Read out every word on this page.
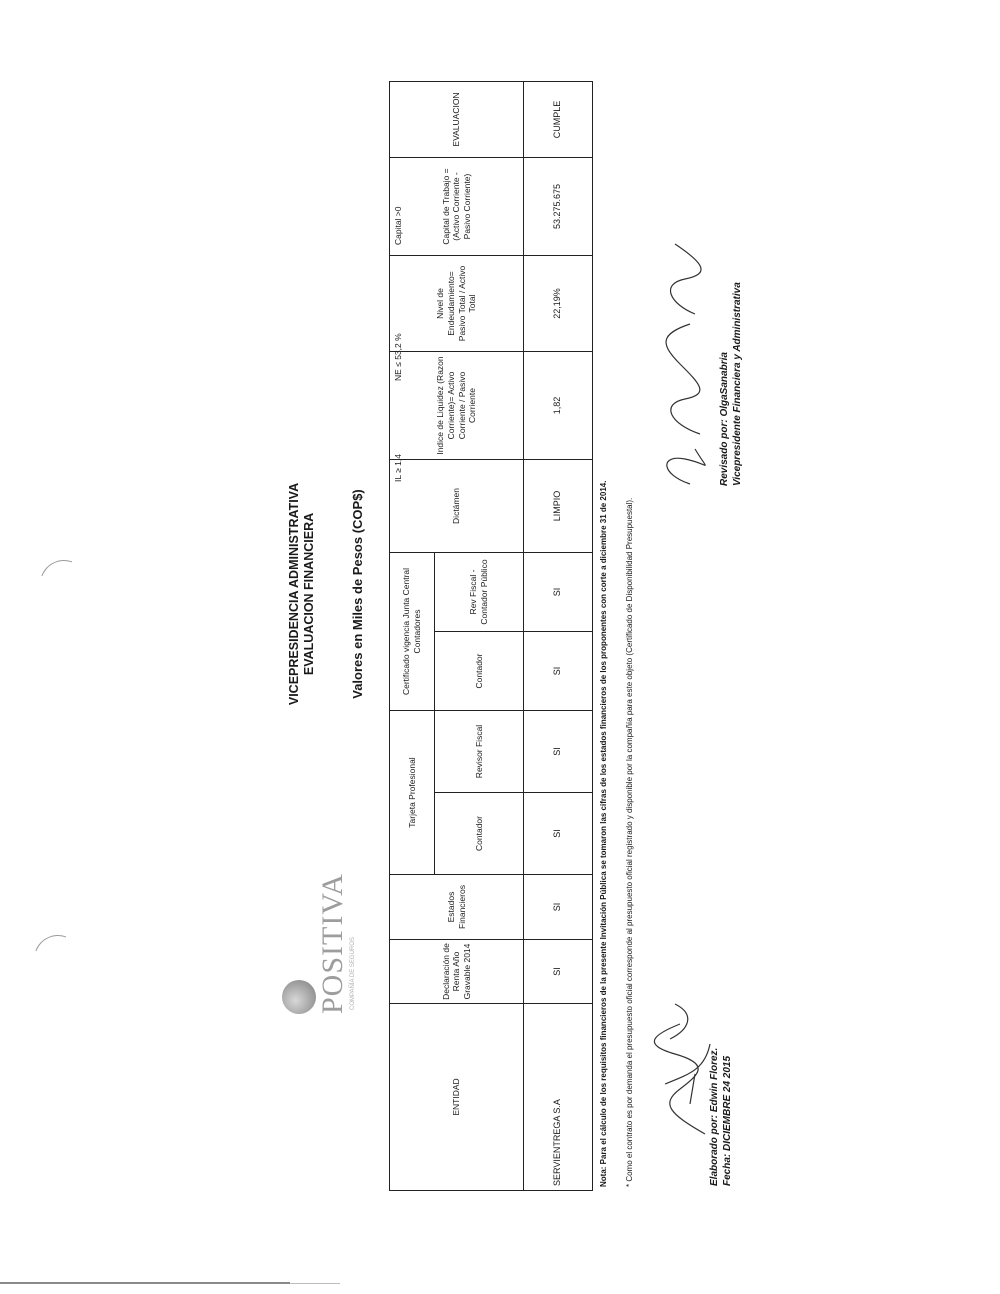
POSITIVA COMPAÑÍA DE SEGUROS
VICEPRESIDENCIA ADMINISTRATIVA EVALUACION FINANCIERA	Valores en Miles de Pesos (COP$)
IL ≥ 1,4
NE ≤ 53,2 %
Capital >0
ENTIDAD	Declaración de Renta Año Gravable 2014	Estados Financieros	Tarjeta Profesional		Certificado vigencia Junta Central Contadores		Dictámen	Indice de Liquidez (Razon Corriente)= Activo Corriente / Pasivo Corriente	Nivel de Endeudamiento= Pasivo Total / Activo Total	Capital de Trabajo = (Activo Corriente - Pasivo Corriente)	EVALUACION
			Contador	Revisor Fiscal	Contador	Rev Fiscal - Contador Público					
SERVIENTREGA S.A	SI	SI	SI	SI	SI	SI	LIMPIO	1,82	22,19%	53.275.675	CUMPLE
Nota: Para el cálculo de los requisitos financieros de la presente Invitación Pública se tomaron las cifras de los estados financieros de los proponentes con corte a diciembre 31 de 2014. * Como el contrato es por demanda el presupuesto oficial corresponde al presupuesto oficial registrado y disponible por la compañía para este objeto (Certificado de Disponibilidad Presupuestal).	Elaborado por: Edwin Florez. Fecha: DICIEMBRE 24 2015
Revisado por: OlgaSanabria Vicepresidente Financiera y Administrativa
